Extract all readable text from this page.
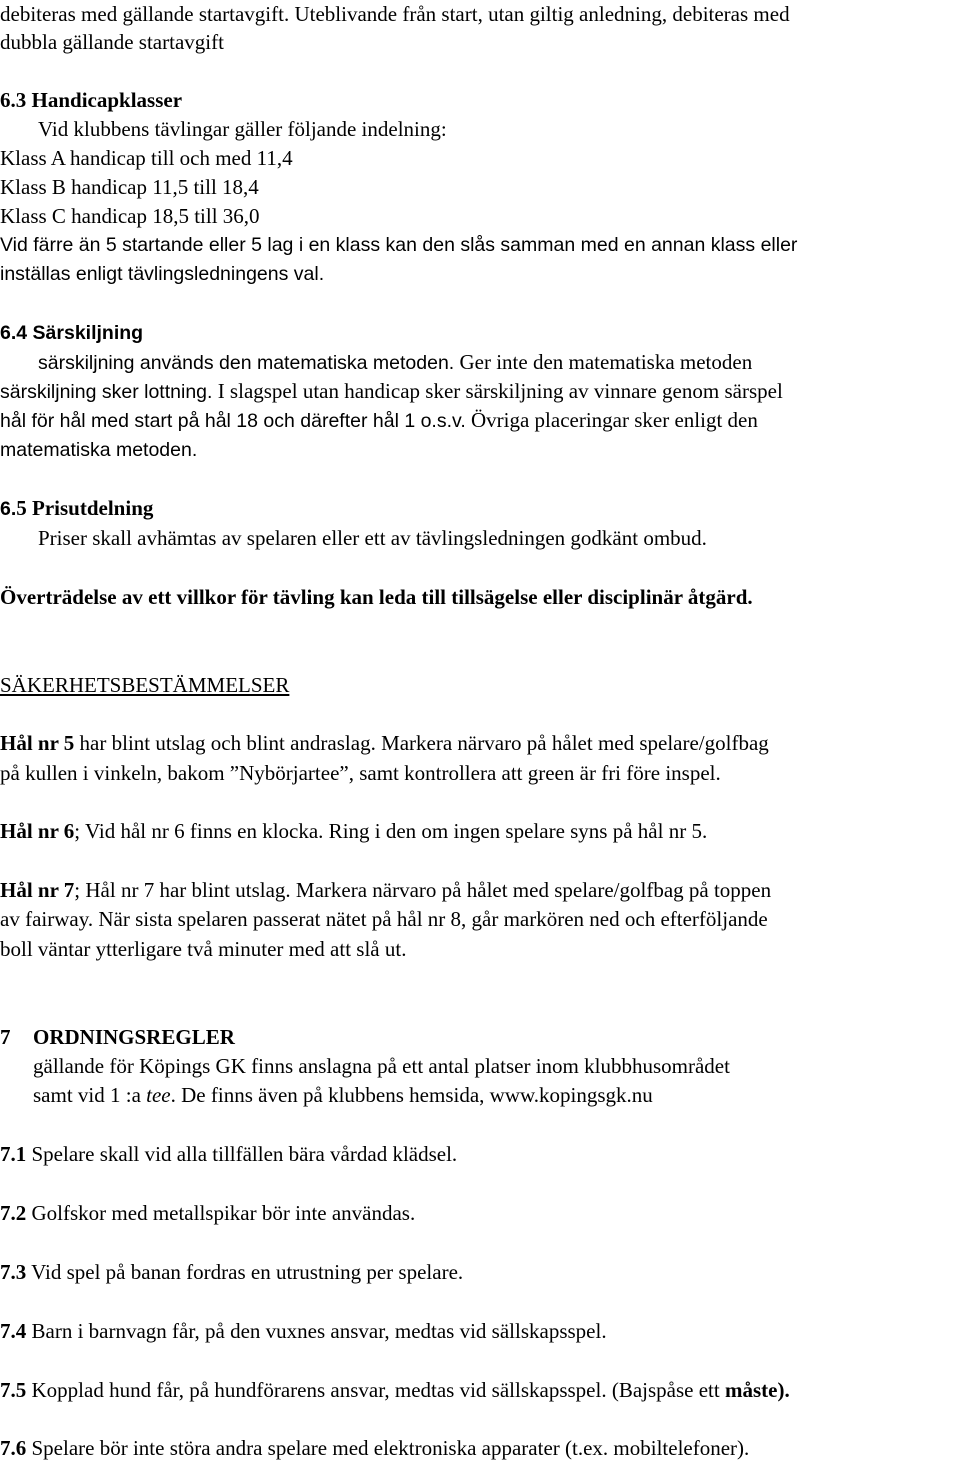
debiteras med gällande startavgift. Uteblivande från start, utan giltig anledning, debiteras med
dubbla gällande startavgift
6.3 Handicapklasser
Vid klubbens tävlingar gäller följande indelning:
Klass A handicap till och med 11,4
Klass B handicap 11,5 till 18,4
Klass C handicap 18,5 till 36,0
Vid färre än 5 startande eller 5 lag i en klass kan den slås samman med en annan klass eller
inställas enligt tävlingsledningens val.
6.4 Särskiljning
särskiljning används den matematiska metoden. Ger inte den matematiska metoden
särskiljning sker lottning. I slagspel utan handicap sker särskiljning av vinnare genom särspel
hål för hål med start på hål 18 och därefter hål 1 o.s.v. Övriga placeringar sker enligt den
matematiska metoden.
6.5 Prisutdelning
Priser skall avhämtas av spelaren eller ett av tävlingsledningen godkänt ombud.
Överträdelse av ett villkor för tävling kan leda till tillsägelse eller disciplinär åtgärd.
SÄKERHETSBESTÄMMELSER
Hål nr 5 har blint utslag och blint andraslag. Markera närvaro på hålet med spelare/golfbag
på kullen i vinkeln, bakom ”Nybörjartee”, samt kontrollera att green är fri före inspel.
Hål nr 6; Vid hål nr 6 finns en klocka. Ring i den om ingen spelare syns på hål nr 5.
Hål nr 7; Hål nr 7 har blint utslag. Markera närvaro på hålet med spelare/golfbag på toppen
av fairway. När sista spelaren passerat nätet på hål nr 8, går markören ned och efterföljande
boll väntar ytterligare två minuter med att slå ut.
7 ORDNINGSREGLER
gällande för Köpings GK finns anslagna på ett antal platser inom klubbhusområdet
samt vid 1 :a tee. De finns även på klubbens hemsida, www.kopingsgk.nu
7.1 Spelare skall vid alla tillfällen bära vårdad klädsel.
7.2 Golfskor med metallspikar bör inte användas.
7.3 Vid spel på banan fordras en utrustning per spelare.
7.4 Barn i barnvagn får, på den vuxnes ansvar, medtas vid sällskapsspel.
7.5 Kopplad hund får, på hundförarens ansvar, medtas vid sällskapsspel. (Bajspåse ett måste).
7.6 Spelare bör inte störa andra spelare med elektroniska apparater (t.ex. mobiltelefoner).
